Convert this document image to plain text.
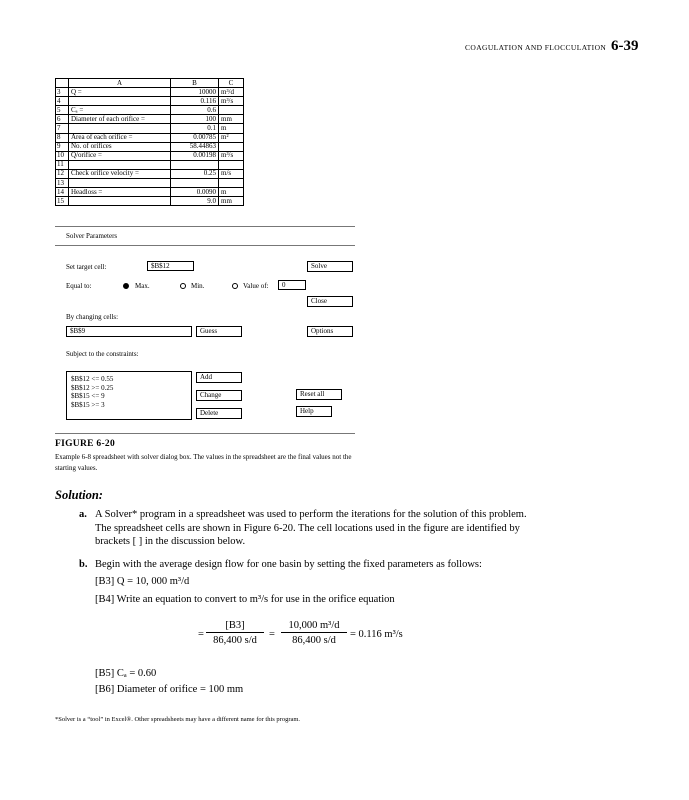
COAGULATION AND FLOCCULATION 6-39
	A	B	C
3	Q =	10000	m³/d
4		0.116	m³/s
5	Cₐ =	0.6	
6	Diameter of each orifice =	100	mm
7		0.1	m
8	Area of each orifice =	0.00785	m²
9	No. of orifices	58.44863	
10	Q/orifice =	0.00198	m³/s
11			
12	Check orifice velocity =	0.25	m/s
13			
14	Headloss =	0.0090	m
15		9.0	mm
Solver Parameters
Set target cell:	$B$12	Solve
Equal to:	Max.	Min.	Value of:	0
Close
By changing cells:
$B$9	Guess	Options
Subject to the constraints:
$B$12 <= 0.55
$B$12 >= 0.25
$B$15 <= 9
$B$15 >= 3
Add
Change
Delete
Reset all
Help
FIGURE 6-20
Example 6-8 spreadsheet with solver dialog box. The values in the spreadsheet are the final values not the starting values.
Solution:
a. A Solver* program in a spreadsheet was used to perform the iterations for the solution of this problem. The spreadsheet cells are shown in Figure 6-20. The cell locations used in the figure are identified by brackets [ ] in the discussion below.
b. Begin with the average design flow for one basin by setting the fixed parameters as follows:
[B3] Q = 10, 000 m³/d
[B4] Write an equation to convert to m³/s for use in the orifice equation
= $\frac{[B3]}{86,400 s/d} = \frac{\text{10,000 m³/d}}{86,400 s/d} = 0.116$ m³/s
[B5] Cₐ = 0.60
[B6] Diameter of orifice = 100 mm
*Solver is a “tool” in Excel®. Other spreadsheets may have a different name for this program.
